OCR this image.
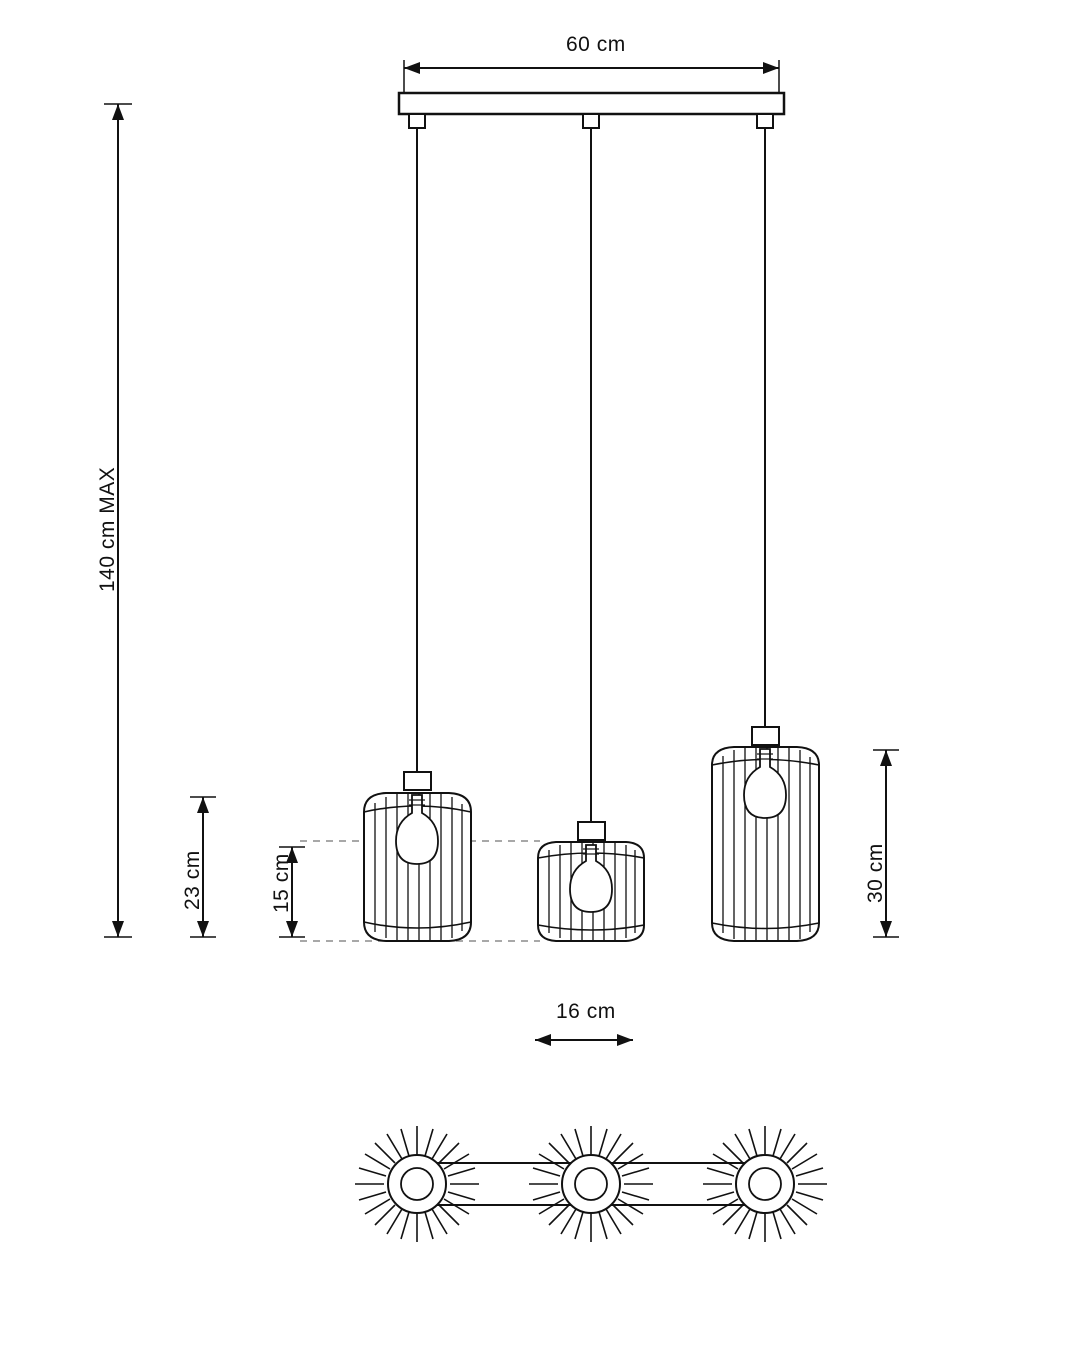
60 cm
140 cm MAX
23 cm	15 cm	30 cm
16 cm
